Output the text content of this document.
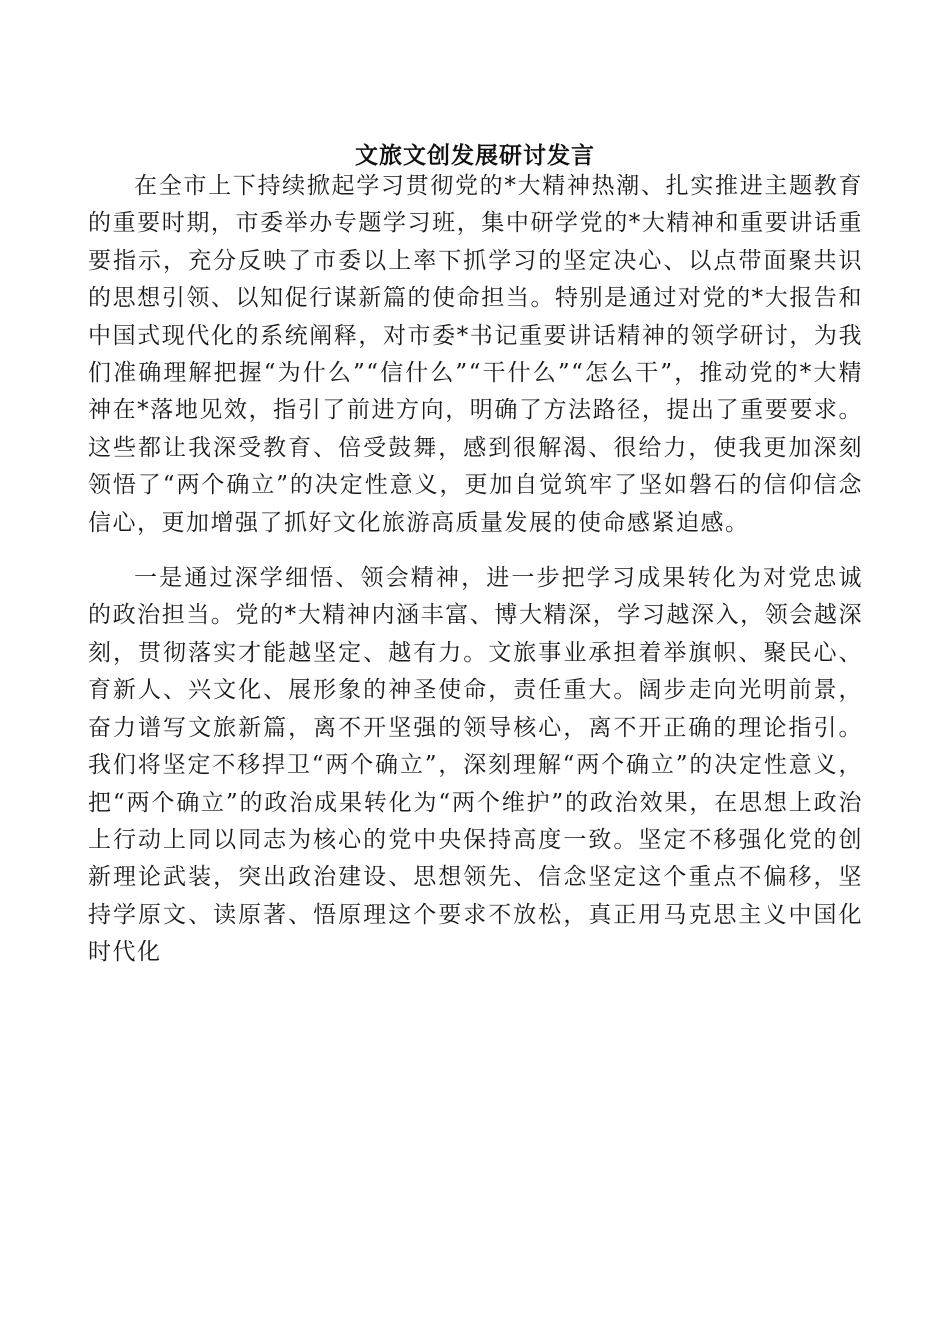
文旅文创发展研讨发言

在全市上下持续掀起学习贯彻党的*大精神热潮、扎实推进主题教育的重要时期，市委举办专题学习班，集中研学党的*大精神和重要讲话重要指示，充分反映了市委以上率下抓学习的坚定决心、以点带面聚共识的思想引领、以知促行谋新篇的使命担当。特别是通过对党的*大报告和中国式现代化的系统阐释，对市委*书记重要讲话精神的领学研讨，为我们准确理解把握“为什么”“信什么”“干什么”“怎么干”，推动党的*大精神在*落地见效，指引了前进方向，明确了方法路径，提出了重要要求。这些都让我深受教育、倍受鼓舞，感到很解渴、很给力，使我更加深刻领悟了“两个确立”的决定性意义，更加自觉筑牢了坚如磐石的信仰信念信心，更加增强了抓好文化旅游高质量发展的使命感紧迫感。

一是通过深学细悟、领会精神，进一步把学习成果转化为对党忠诚的政治担当。党的*大精神内涵丰富、博大精深，学习越深入，领会越深刻，贯彻落实才能越坚定、越有力。文旅事业承担着举旗帜、聚民心、育新人、兴文化、展形象的神圣使命，责任重大。阔步走向光明前景，奋力谱写文旅新篇，离不开坚强的领导核心，离不开正确的理论指引。我们将坚定不移捍卫“两个确立”，深刻理解“两个确立”的决定性意义，把“两个确立”的政治成果转化为“两个维护”的政治效果，在思想上政治上行动上同以同志为核心的党中央保持高度一致。坚定不移强化党的创新理论武装，突出政治建设、思想领先、信念坚定这个重点不偏移，坚持学原文、读原著、悟原理这个要求不放松，真正用马克思主义中国化时代化
